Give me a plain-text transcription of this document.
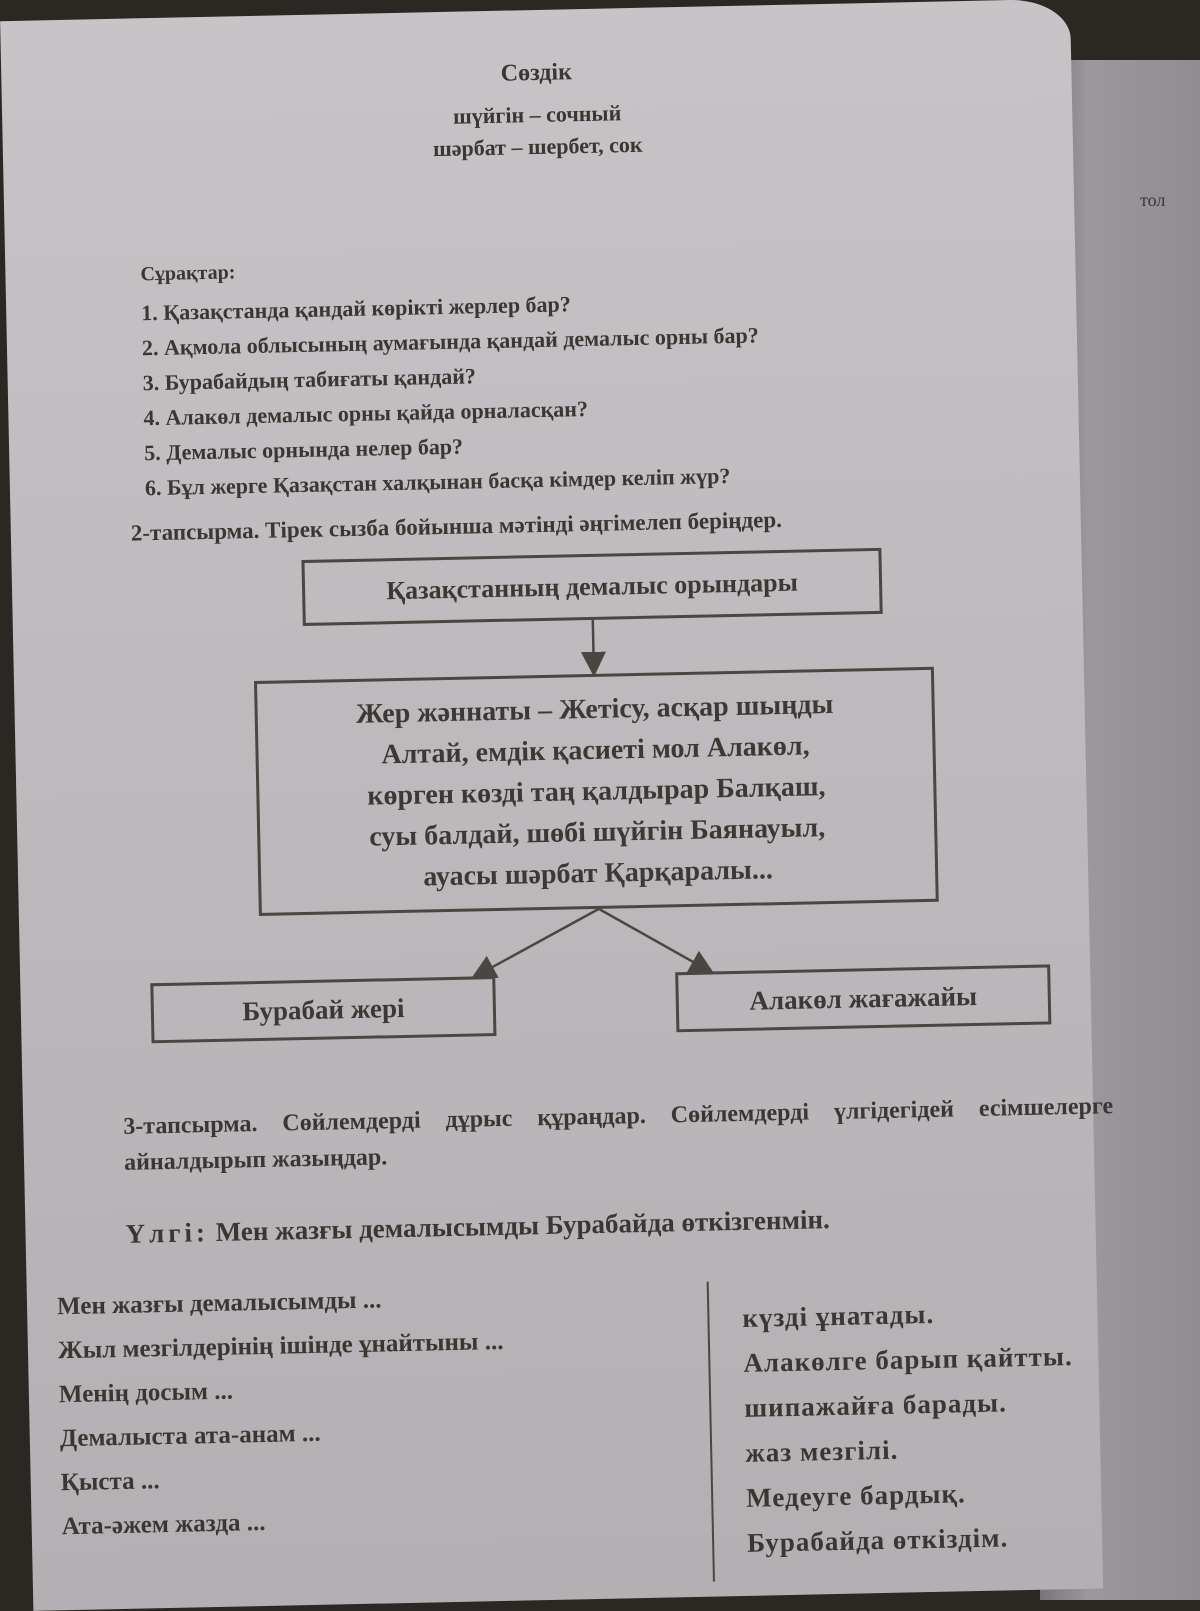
тол
Сөздік
шүйгін – сочный
шәрбат – шербет, сок
Сұрақтар:
1. Қазақстанда қандай көрікті жерлер бар?
2. Ақмола облысының аумағында қандай демалыс орны бар?
3. Бурабайдың табиғаты қандай?
4. Алакөл демалыс орны қайда орналасқан?
5. Демалыс орнында нелер бар?
6. Бұл жерге Қазақстан халқынан басқа кімдер келіп жүр?
2-тапсырма. Тірек сызба бойынша мәтінді әңгімелеп беріңдер.
Қазақстанның демалыс орындары
Жер жәннаты – Жетісу, асқар шыңды
Алтай, емдік қасиеті мол Алакөл,
көрген көзді таң қалдырар Балқаш,
суы балдай, шөбі шүйгін Баянауыл,
ауасы шәрбат Қарқаралы...
Бурабай жері	Алакөл жағажайы
3-тапсырма. Сөйлемдерді дұрыс құраңдар. Сөйлемдерді үлгідегідей есімшелерге айналдырып жазыңдар.
Үлгі: Мен жазғы демалысымды Бурабайда өткізгенмін.
Мен жазғы демалысымды ...
Жыл мезгілдерінің ішінде ұнайтыны ...
Менің досым ...
Демалыста ата-анам ...
Қыста ...
Ата-әжем жазда ...
күзді ұнатады.
Алакөлге барып қайтты.
шипажайға барады.
жаз мезгілі.
Медеуге бардық.
Бурабайда өткіздім.
